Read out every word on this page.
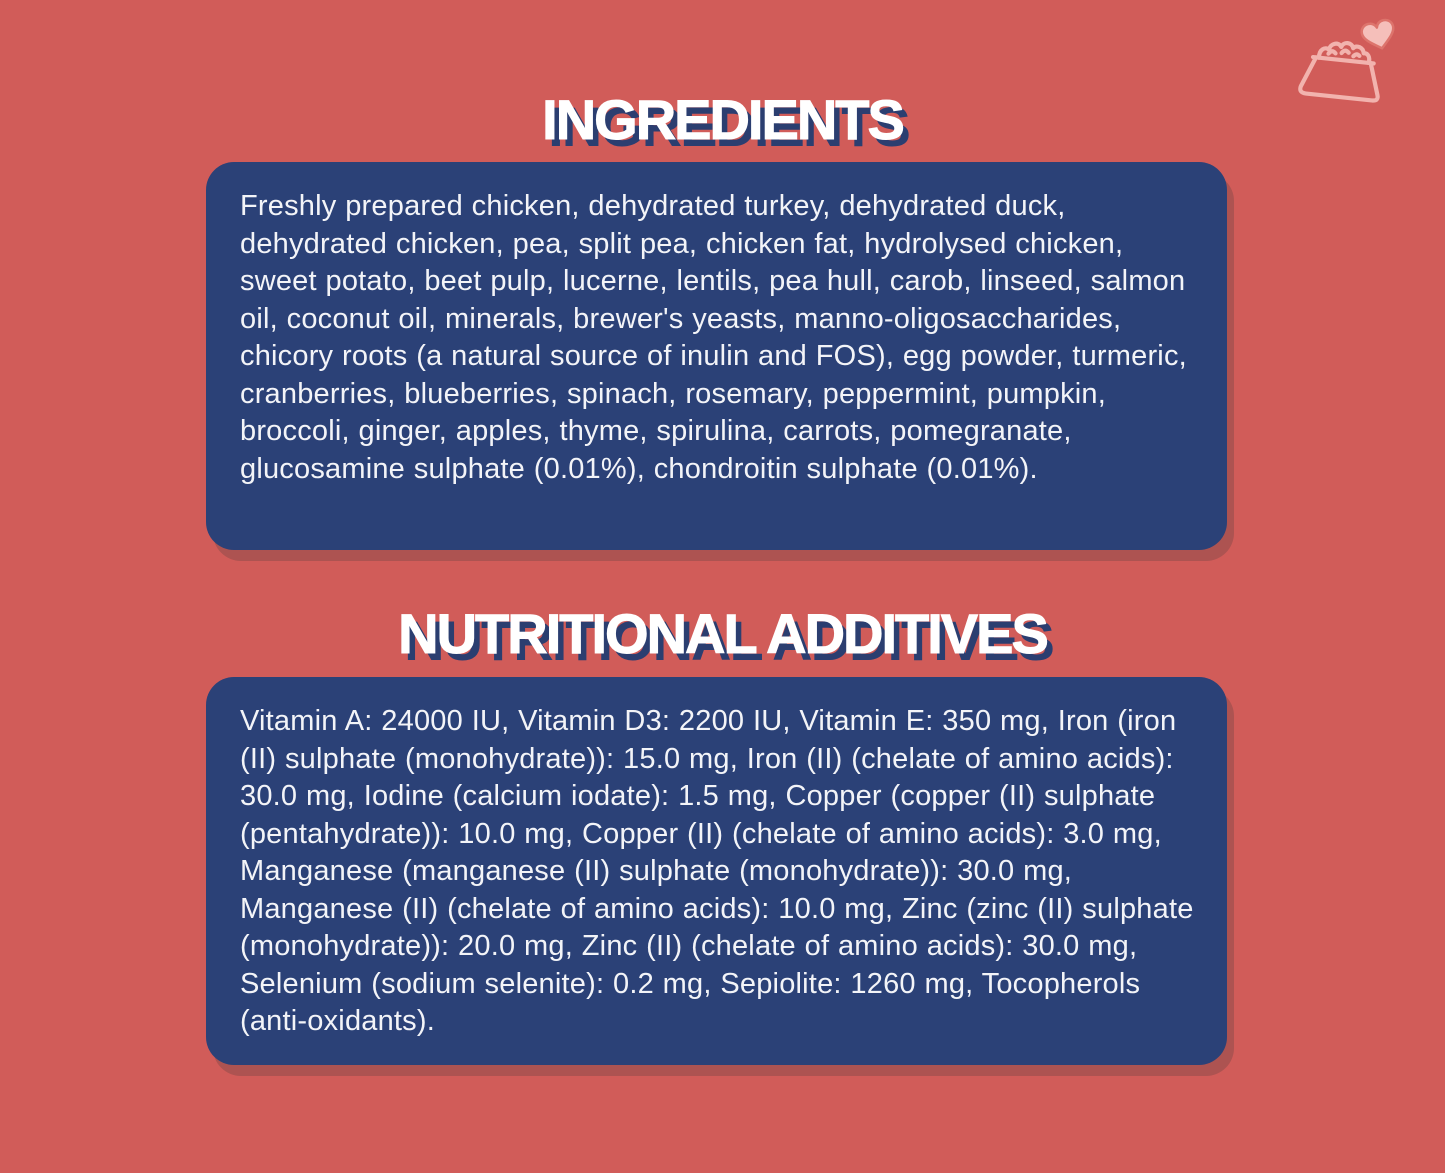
INGREDIENTS

Freshly prepared chicken, dehydrated turkey, dehydrated duck, dehydrated chicken, pea, split pea, chicken fat, hydrolysed chicken, sweet potato, beet pulp, lucerne, lentils, pea hull, carob, linseed, salmon oil, coconut oil, minerals, brewer's yeasts, manno-oligosaccharides, chicory roots (a natural source of inulin and FOS), egg powder, turmeric, cranberries, blueberries, spinach, rosemary, peppermint, pumpkin, broccoli, ginger, apples, thyme, spirulina, carrots, pomegranate, glucosamine sulphate (0.01%), chondroitin sulphate (0.01%).

NUTRITIONAL ADDITIVES

Vitamin A: 24000 IU, Vitamin D3: 2200 IU, Vitamin E: 350 mg, Iron (iron (II) sulphate (monohydrate)): 15.0 mg, Iron (II) (chelate of amino acids): 30.0 mg, Iodine (calcium iodate): 1.5 mg, Copper (copper (II) sulphate (pentahydrate)): 10.0 mg, Copper (II) (chelate of amino acids): 3.0 mg, Manganese (manganese (II) sulphate (monohydrate)): 30.0 mg, Manganese (II) (chelate of amino acids): 10.0 mg, Zinc (zinc (II) sulphate (monohydrate)): 20.0 mg, Zinc (II) (chelate of amino acids): 30.0 mg, Selenium (sodium selenite): 0.2 mg, Sepiolite: 1260 mg, Tocopherols (anti-oxidants).
